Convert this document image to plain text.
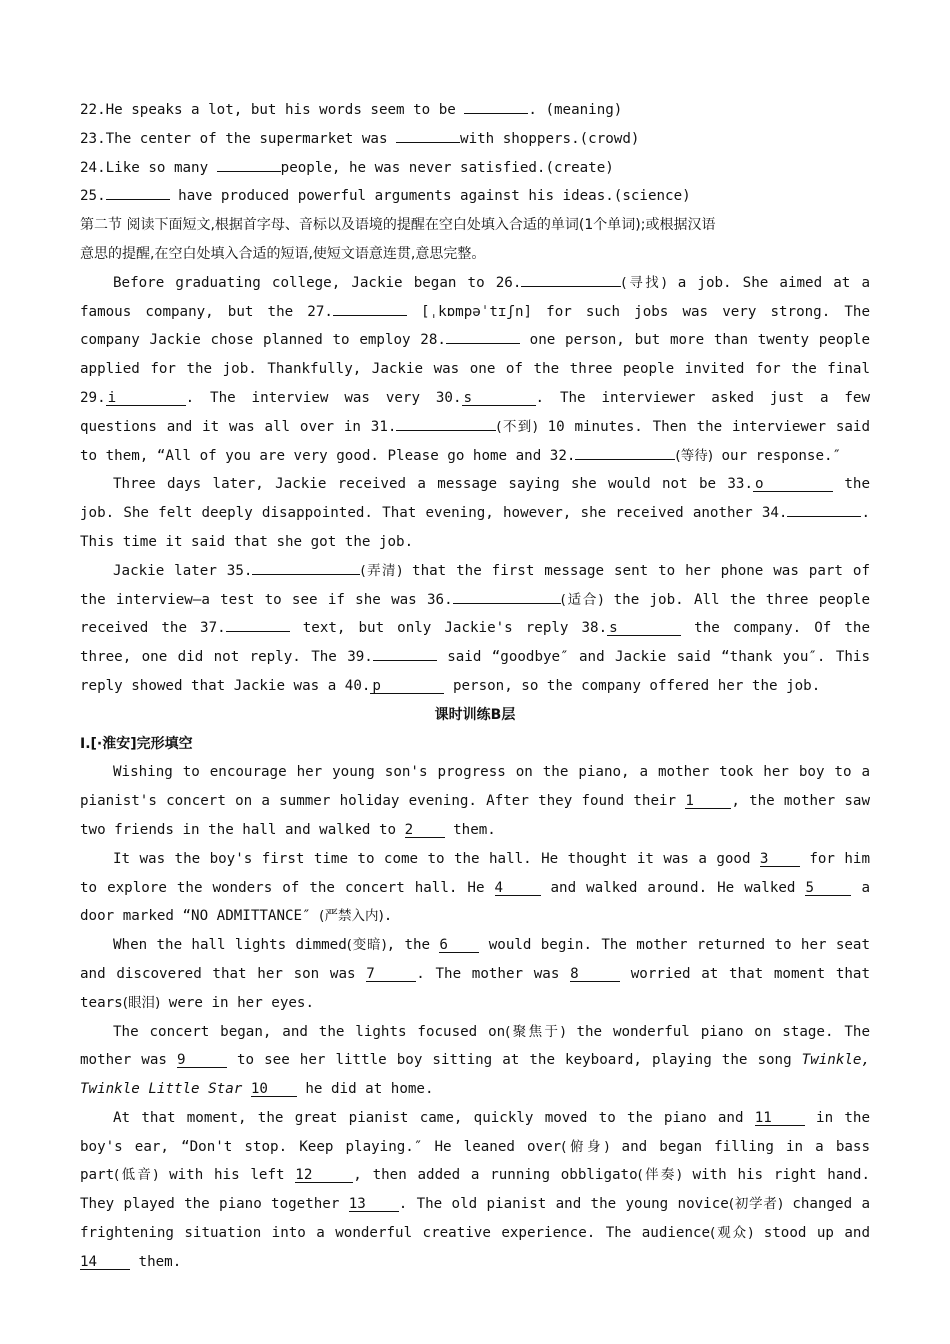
22.He speaks a lot, but his words seem to be	. (meaning)
23.The center of the supermarket was	with shoppers.(crowd)
24.Like so many	people, he was never satisfied.(create)
25.	have produced powerful arguments against his ideas.(science)
第二节 阅读下面短文,根据首字母、音标以及语境的提醒在空白处填入合适的单词(1个单词);或根据汉语
意思的提醒,在空白处填入合适的短语,使短文语意连贯,意思完整。
Before graduating college, Jackie began to 26.	(寻找) a job. She aimed at a famous company, but the 27.	[ˌkɒmpəˈtɪʃn] for such jobs was very strong. The company Jackie chose planned to employ 28.	one person, but more than twenty people applied for the job. Thankfully, Jackie was one of the three people invited for the final 29. i	. The interview was very 30. s	. The interviewer asked just a few questions and it was all over in 31.	(不到) 10 minutes. Then the interviewer said to them, “All of you are very good. Please go home and 32.	(等待) our response.″
Three days later, Jackie received a message saying she would not be 33. o	the job. She felt deeply disappointed. That evening, however, she received another 34.	. This time it said that she got the job.
Jackie later 35.	(弄清) that the first message sent to her phone was part of the interview—a test to see if she was 36.	(适合) the job. All the three people received the 37.	text, but only Jackie's reply 38. s	the company. Of the three, one did not reply. The 39.	said “goodbye″ and Jackie said “thank you″. This reply showed that Jackie was a 40. p	person, so the company offered her the job.
课时训练B层
Ⅰ.[·淮安]完形填空
Wishing to encourage her young son's progress on the piano, a mother took her boy to a pianist's concert on a summer holiday evening. After they found their 1	, the mother saw two friends in the hall and walked to 2 them.
It was the boy's first time to come to the hall. He thought it was a good 3 for him to explore the wonders of the concert hall. He 4	and walked around. He walked 5	a door marked “NO ADMITTANCE″ (严禁入内).
When the hall lights dimmed(变暗), the 6 would begin. The mother returned to her seat and discovered that her son was 7	. The mother was 8	worried at that moment that tears(眼泪) were in her eyes.
The concert began, and the lights focused on(聚焦于) the wonderful piano on stage. The mother was 9	to see her little boy sitting at the keyboard, playing the song Twinkle, Twinkle Little Star 10 he did at home.
At that moment, the great pianist came, quickly moved to the piano and 11 in the boy's ear, “Don't stop. Keep playing.″ He leaned over(俯身) and began filling in a bass part(低音) with his left 12	, then added a running obbligato(伴奏) with his right hand. They played the piano together 13 . The old pianist and the young novice(初学者) changed a frightening situation into a wonderful creative experience. The audience(观众) stood up and 14 them.
